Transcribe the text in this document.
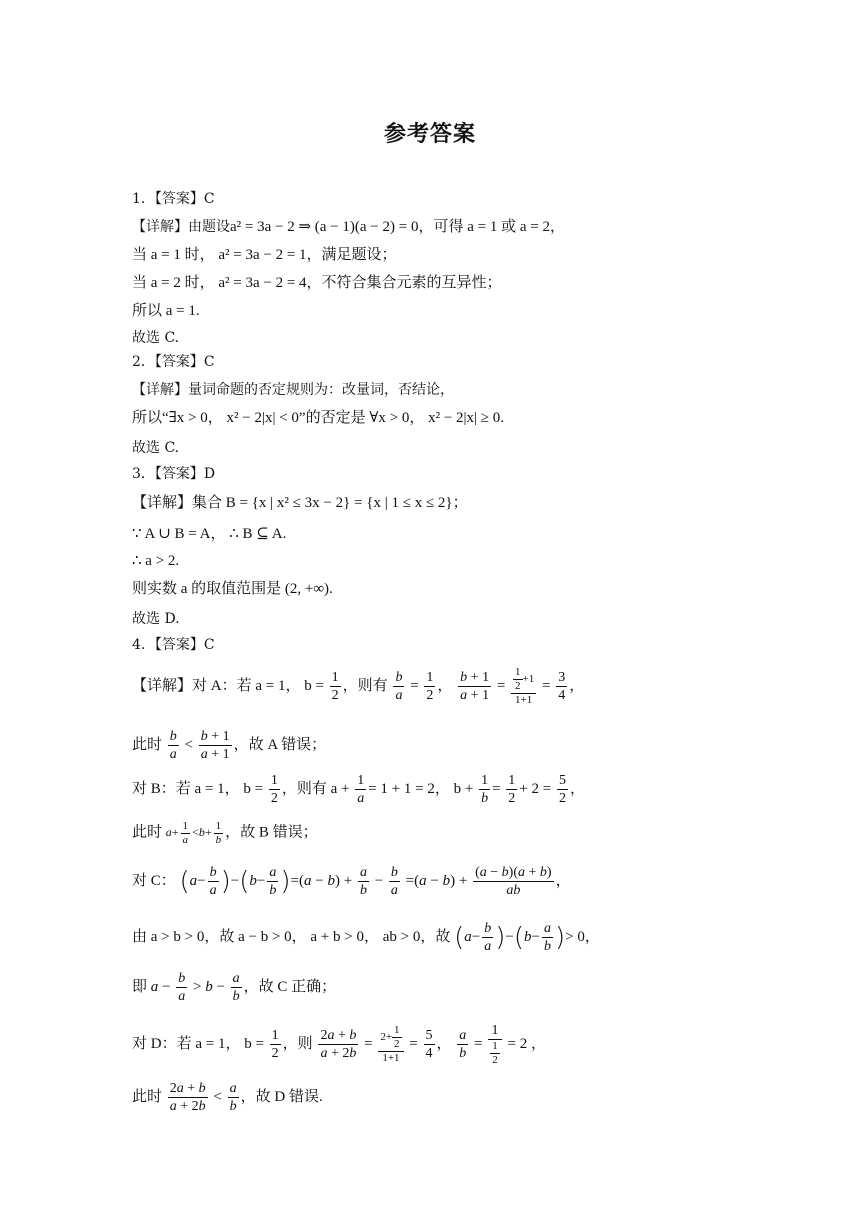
参考答案
1．【答案】C
【详解】由题设a² = 3a − 2 ⇒ (a − 1)(a − 2) = 0，可得 a = 1 或 a = 2，
当 a = 1 时， a² = 3a − 2 = 1，满足题设；
当 a = 2 时， a² = 3a − 2 = 4，不符合集合元素的互异性；
所以 a = 1.
故选 C.
2．【答案】C
【详解】量词命题的否定规则为：改量词，否结论，
所以“∃x > 0， x² − 2|x| < 0”的否定是 ∀x > 0， x² − 2|x| ≥ 0.
故选 C.
3．【答案】D
【详解】集合 B = {x | x² ≤ 3x − 2} = {x | 1 ≤ x ≤ 2}；
∵ A ∪ B = A， ∴ B ⊆ A.
∴ a > 2.
则实数 a 的取值范围是 (2, +∞).
故选 D.
4．【答案】C
【详解】对 A：若 a = 1， $b = \frac{1}{2}$ ，则有 $\frac{b}{a} = \frac{1}{2}$ ， $\frac{b + 1}{a + 1} = \frac{\frac{1}{2} +1}{1+1} = \frac{3}{4}$ ，
此时 $\frac{b}{a} < \frac{b + 1}{a + 1}$ ，故 A 错误；
对 B：若 a = 1， $b = \frac{1}{2}$ ，则有 $a + \frac{1}{a} = 1 + 1 = 2$， $b + \frac{1}{b} = \frac{1}{2} + 2 = \frac{5}{2}$ ，
此时 $a+ \frac{1}{a} <b+ \frac{1}{b}$ ，故 B 错误；
对 C： $(a- \frac{b}{a} )-(b- \frac{a}{b} )=(a - b) + \frac{a}{b} - \frac{b}{a} =(a - b) + \frac{(a - b)(a + b)}{ab}$ ，
由 a > b > 0，故 a − b > 0， a + b > 0， ab > 0，故 $(a- \frac{b}{a} )-(b- \frac{a}{b}$ )> 0，
即 $a - \frac{b}{a} > b - \frac{a}{b}$ ，故 C 正确；
对 D：若 a = 1， $b = \frac{1}{2}$ ，则 $\frac{2a + b}{a + 2b} = \frac{2+ \frac{1}{2}}{1+1} = \frac{5}{4}$ ， $\frac{a}{b} = \frac{1}{\frac{1}{2}} = 2$ ，
此时 $\frac{2a + b}{a + 2b} < \frac{a}{b}$ ，故 D 错误.
